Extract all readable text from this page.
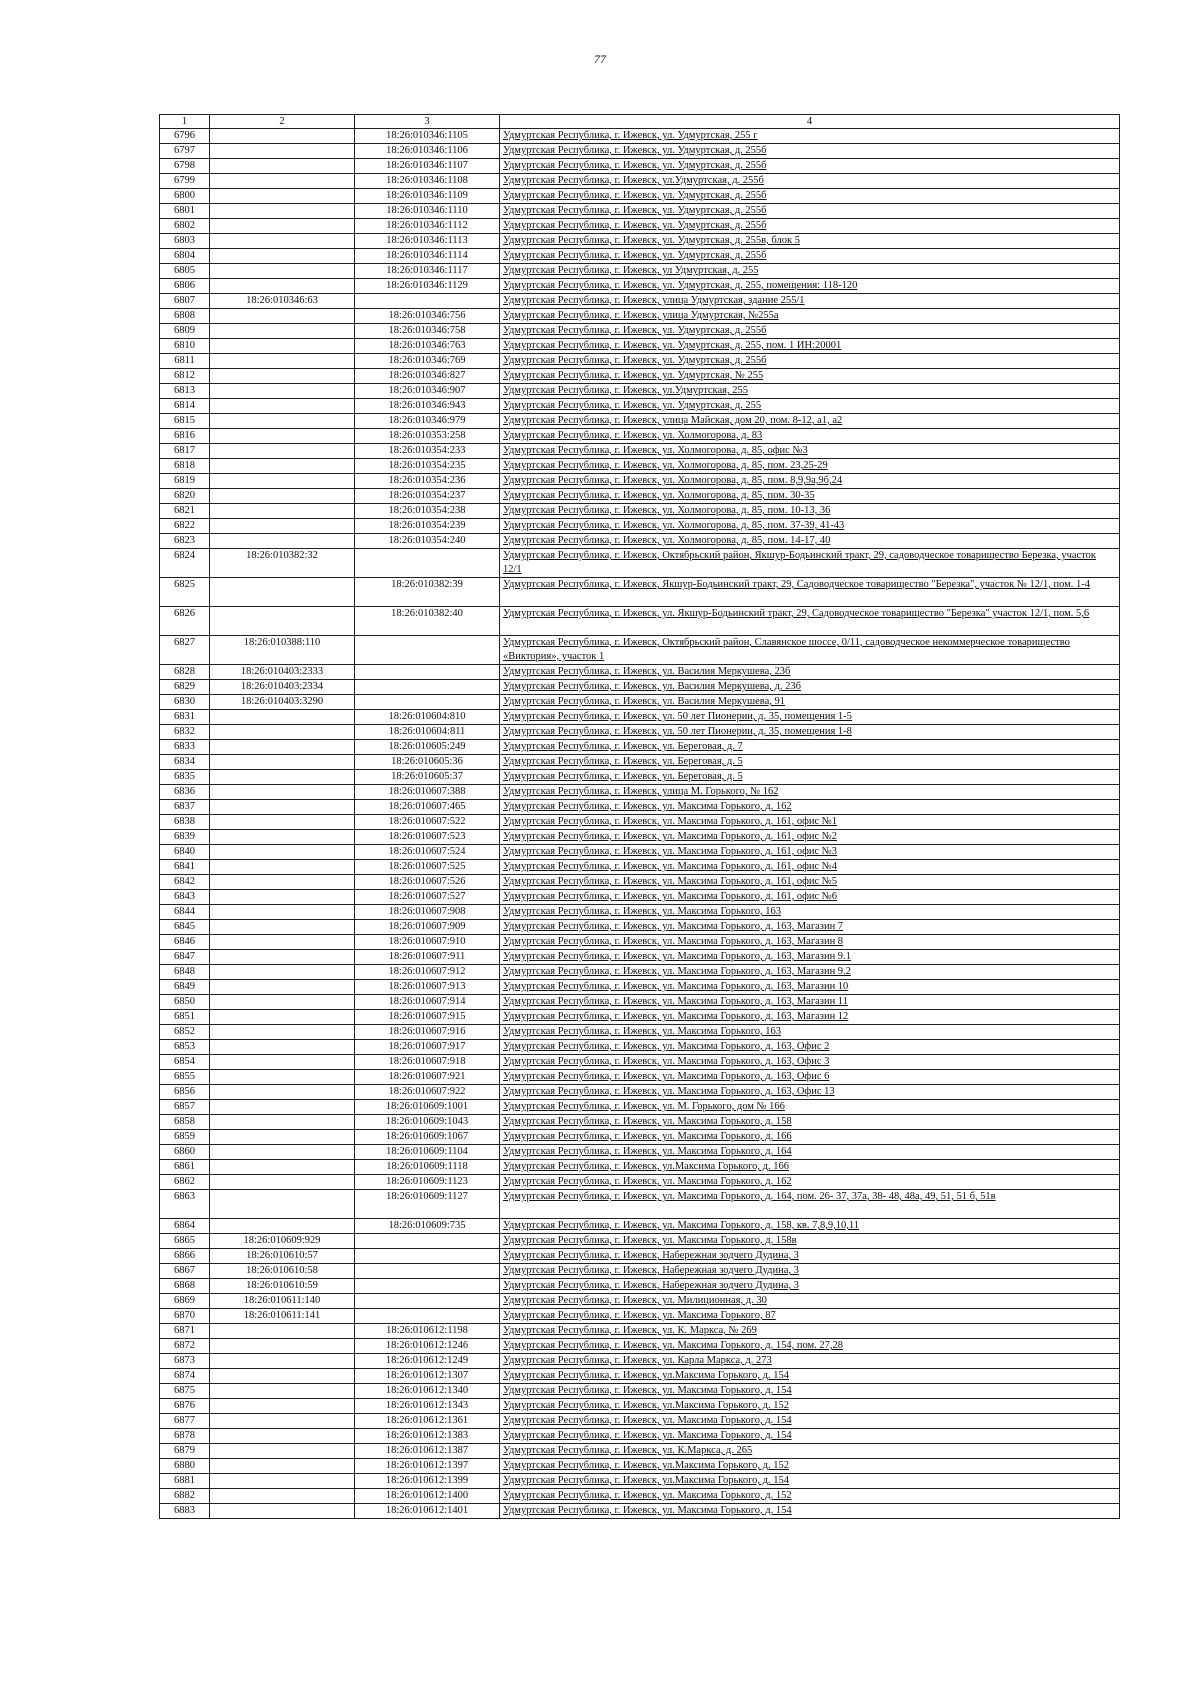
77
1	2	3	4
6796		18:26:010346:1105	Удмуртская Республика, г. Ижевск, ул. Удмуртская, 255 г
6797		18:26:010346:1106	Удмуртская Республика, г. Ижевск, ул. Удмуртская, д. 255б
6798		18:26:010346:1107	Удмуртская Республика, г. Ижевск, ул. Удмуртская, д. 255б
6799		18:26:010346:1108	Удмуртская Республика, г. Ижевск, ул.Удмуртская, д. 255б
6800		18:26:010346:1109	Удмуртская Республика, г. Ижевск, ул. Удмуртская, д. 255б
6801		18:26:010346:1110	Удмуртская Республика, г. Ижевск, ул. Удмуртская, д. 255б
6802		18:26:010346:1112	Удмуртская Республика, г. Ижевск, ул. Удмуртская, д. 255б
6803		18:26:010346:1113	Удмуртская Республика, г. Ижевск, ул. Удмуртская, д. 255в, блок 5
6804		18:26:010346:1114	Удмуртская Республика, г. Ижевск, ул. Удмуртская, д. 255б
6805		18:26:010346:1117	Удмуртская Республика, г. Ижевск, ул Удмуртская, д. 255
6806		18:26:010346:1129	Удмуртская Республика, г. Ижевск, ул. Удмуртская, д. 255, помещения: 118-120
6807	18:26:010346:63		Удмуртская Республика, г. Ижевск, улица Удмуртская, здание 255/1
6808		18:26:010346:756	Удмуртская Республика, г. Ижевск, улица Удмуртская, №255а
6809		18:26:010346:758	Удмуртская Республика, г. Ижевск, ул. Удмуртская, д. 255б
6810		18:26:010346:763	Удмуртская Республика, г. Ижевск, ул. Удмуртская, д. 255, пом. 1 ИН:20001
6811		18:26:010346:769	Удмуртская Республика, г. Ижевск, ул. Удмуртская, д. 255б
6812		18:26:010346:827	Удмуртская Республика, г. Ижевск, ул. Удмуртская, № 255
6813		18:26:010346:907	Удмуртская Республика, г. Ижевск, ул.Удмуртская, 255
6814		18:26:010346:943	Удмуртская Республика, г. Ижевск, ул. Удмуртская, д. 255
6815		18:26:010346:979	Удмуртская Республика, г. Ижевск, улица Майская, дом 20, пом. 8-12, а1, а2
6816		18:26:010353:258	Удмуртская Республика, г. Ижевск, ул. Холмогорова, д. 83
6817		18:26:010354:233	Удмуртская Республика, г. Ижевск, ул. Холмогорова, д. 85, офис №3
6818		18:26:010354:235	Удмуртская Республика, г. Ижевск, ул. Холмогорова, д. 85, пом. 23,25-29
6819		18:26:010354:236	Удмуртская Республика, г. Ижевск, ул. Холмогорова, д. 85, пом. 8,9,9а,9б,24
6820		18:26:010354:237	Удмуртская Республика, г. Ижевск, ул. Холмогорова, д. 85, пом. 30-35
6821		18:26:010354:238	Удмуртская Республика, г. Ижевск, ул. Холмогорова, д. 85, пом. 10-13, 36
6822		18:26:010354:239	Удмуртская Республика, г. Ижевск, ул. Холмогорова, д. 85, пом. 37-39, 41-43
6823		18:26:010354:240	Удмуртская Республика, г. Ижевск, ул. Холмогорова, д. 85, пом. 14-17, 40
6824	18:26:010382:32		Удмуртская Республика, г. Ижевск, Октябрьский район, Якшур-Бодьинский тракт, 29, садоводческое товарищество Березка, участок 12/1
6825		18:26:010382:39	Удмуртская Республика, г. Ижевск, Якшур-Бодьинский тракт, 29, Садоводческое товарищество "Березка", участок № 12/1, пом. 1-4
6826		18:26:010382:40	Удмуртская Республика, г. Ижевск, ул. Якшур-Бодьинский тракт, 29, Садоводческое товарищество "Березка" участок 12/1, пом. 5,6
6827	18:26:010388:110		Удмуртская Республика, г. Ижевск, Октябрьский район, Славянское шоссе, 0/11, садоводческое некоммерческое товарищество «Виктория», участок 1
6828	18:26:010403:2333		Удмуртская Республика, г. Ижевск, ул. Василия Меркушева, 23б
6829	18:26:010403:2334		Удмуртская Республика, г. Ижевск, ул. Василия Меркушева, д. 23б
6830	18:26:010403:3290		Удмуртская Республика, г. Ижевск, ул. Василия Меркушева, 91
6831		18:26:010604:810	Удмуртская Республика, г. Ижевск, ул. 50 лет Пионерии, д. 35, помещения 1-5
6832		18:26:010604:811	Удмуртская Республика, г. Ижевск, ул. 50 лет Пионерии, д. 35, помещения 1-8
6833		18:26:010605:249	Удмуртская Республика, г. Ижевск, ул. Береговая, д. 7
6834		18:26:010605:36	Удмуртская Республика, г. Ижевск, ул. Береговая, д. 5
6835		18:26:010605:37	Удмуртская Республика, г. Ижевск, ул. Береговая, д. 5
6836		18:26:010607:388	Удмуртская Республика, г. Ижевск, улица М. Горького, № 162
6837		18:26:010607:465	Удмуртская Республика, г. Ижевск, ул. Максима Горького, д. 162
6838		18:26:010607:522	Удмуртская Республика, г. Ижевск, ул. Максима Горького, д. 161, офис №1
6839		18:26:010607:523	Удмуртская Республика, г. Ижевск, ул. Максима Горького, д. 161, офис №2
6840		18:26:010607:524	Удмуртская Республика, г. Ижевск, ул. Максима Горького, д. 161, офис №3
6841		18:26:010607:525	Удмуртская Республика, г. Ижевск, ул. Максима Горького, д. 161, офис №4
6842		18:26:010607:526	Удмуртская Республика, г. Ижевск, ул. Максима Горького, д. 161, офис №5
6843		18:26:010607:527	Удмуртская Республика, г. Ижевск, ул. Максима Горького, д. 161, офис №6
6844		18:26:010607:908	Удмуртская Республика, г. Ижевск, ул. Максима Горького, 163
6845		18:26:010607:909	Удмуртская Республика, г. Ижевск, ул. Максима Горького, д. 163, Магазин 7
6846		18:26:010607:910	Удмуртская Республика, г. Ижевск, ул. Максима Горького, д. 163, Магазин 8
6847		18:26:010607:911	Удмуртская Республика, г. Ижевск, ул. Максима Горького, д. 163, Магазин 9.1
6848		18:26:010607:912	Удмуртская Республика, г. Ижевск, ул. Максима Горького, д. 163, Магазин 9.2
6849		18:26:010607:913	Удмуртская Республика, г. Ижевск, ул. Максима Горького, д. 163, Магазин 10
6850		18:26:010607:914	Удмуртская Республика, г. Ижевск, ул. Максима Горького, д. 163, Магазин 11
6851		18:26:010607:915	Удмуртская Республика, г. Ижевск, ул. Максима Горького, д. 163, Магазин 12
6852		18:26:010607:916	Удмуртская Республика, г. Ижевск, ул. Максима Горького, 163
6853		18:26:010607:917	Удмуртская Республика, г. Ижевск, ул. Максима Горького, д. 163, Офис 2
6854		18:26:010607:918	Удмуртская Республика, г. Ижевск, ул. Максима Горького, д. 163, Офис 3
6855		18:26:010607:921	Удмуртская Республика, г. Ижевск, ул. Максима Горького, д. 163, Офис 6
6856		18:26:010607:922	Удмуртская Республика, г. Ижевск, ул. Максима Горького, д. 163, Офис 13
6857		18:26:010609:1001	Удмуртская Республика, г. Ижевск, ул. М. Горького, дом № 166
6858		18:26:010609:1043	Удмуртская Республика, г. Ижевск, ул. Максима Горького, д. 158
6859		18:26:010609:1067	Удмуртская Республика, г. Ижевск, ул. Максима Горького, д. 166
6860		18:26:010609:1104	Удмуртская Республика, г. Ижевск, ул. Максима Горького, д. 164
6861		18:26:010609:1118	Удмуртская Республика, г. Ижевск, ул.Максима Горького, д. 166
6862		18:26:010609:1123	Удмуртская Республика, г. Ижевск, ул. Максима Горького, д. 162
6863		18:26:010609:1127	Удмуртская Республика, г. Ижевск, ул. Максима Горького, д. 164, пом. 26- 37, 37а, 38- 48, 48а, 49, 51, 51 б, 51в
6864		18:26:010609:735	Удмуртская Республика, г. Ижевск, ул. Максима Горького, д. 158, кв. 7,8,9,10,11
6865	18:26:010609:929		Удмуртская Республика, г. Ижевск, ул. Максима Горького, д. 158в
6866	18:26:010610:57		Удмуртская Республика, г. Ижевск, Набережная зодчего Дудина, 3
6867	18:26:010610:58		Удмуртская Республика, г. Ижевск, Набережная зодчего Дудина, 3
6868	18:26:010610:59		Удмуртская Республика, г. Ижевск, Набережная зодчего Дудина, 3
6869	18:26:010611:140		Удмуртская Республика, г. Ижевск, ул. Милиционная, д. 30
6870	18:26:010611:141		Удмуртская Республика, г. Ижевск, ул. Максима Горького, 87
6871		18:26:010612:1198	Удмуртская Республика, г. Ижевск, ул. К. Маркса, № 269
6872		18:26:010612:1246	Удмуртская Республика, г. Ижевск, ул. Максима Горького, д. 154, пом. 27,28
6873		18:26:010612:1249	Удмуртская Республика, г. Ижевск, ул. Карла Маркса, д. 273
6874		18:26:010612:1307	Удмуртская Республика, г. Ижевск, ул.Максима Горького, д. 154
6875		18:26:010612:1340	Удмуртская Республика, г. Ижевск, ул. Максима Горького, д. 154
6876		18:26:010612:1343	Удмуртская Республика, г. Ижевск, ул.Максима Горького, д. 152
6877		18:26:010612:1361	Удмуртская Республика, г. Ижевск, ул. Максима Горького, д. 154
6878		18:26:010612:1383	Удмуртская Республика, г. Ижевск, ул. Максима Горького, д. 154
6879		18:26:010612:1387	Удмуртская Республика, г. Ижевск, ул. К.Маркса, д. 265
6880		18:26:010612:1397	Удмуртская Республика, г. Ижевск, ул.Максима Горького, д. 152
6881		18:26:010612:1399	Удмуртская Республика, г. Ижевск, ул.Максима Горького, д. 154
6882		18:26:010612:1400	Удмуртская Республика, г. Ижевск, ул. Максима Горького, д. 152
6883		18:26:010612:1401	Удмуртская Республика, г. Ижевск, ул. Максима Горького, д. 154
